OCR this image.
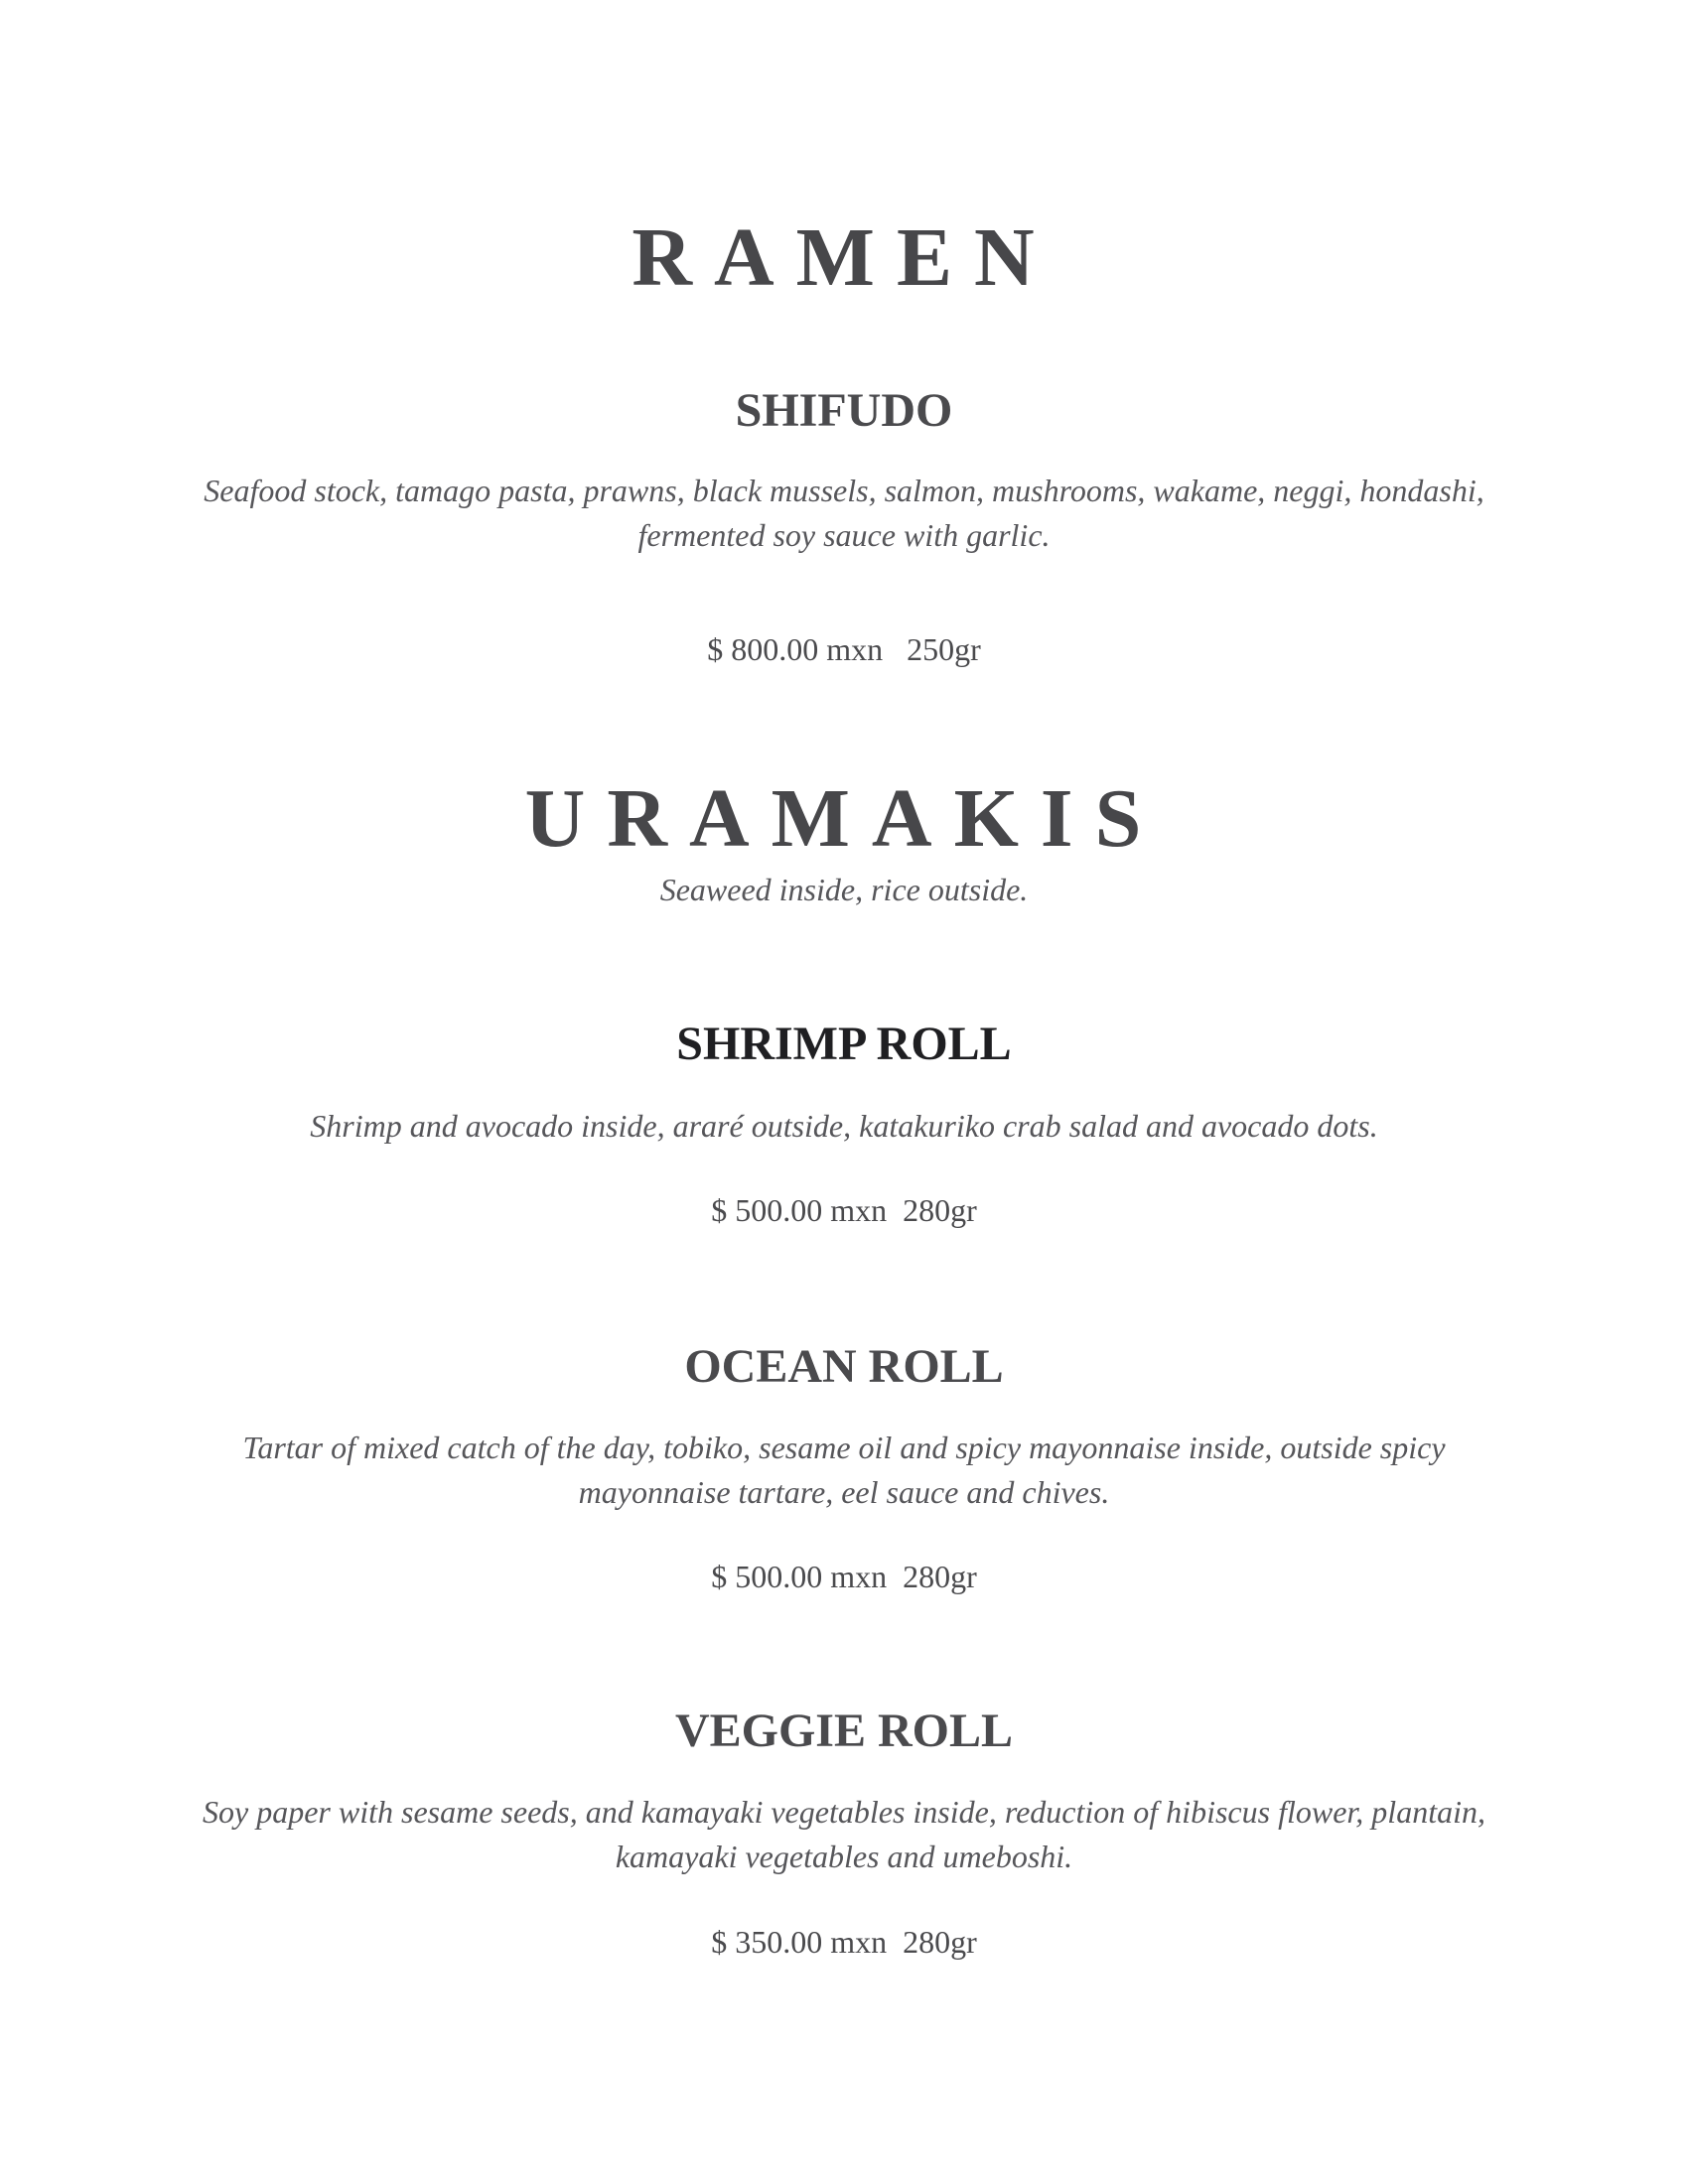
RAMEN
SHIFUDO
Seafood stock, tamago pasta, prawns, black mussels, salmon, mushrooms, wakame, neggi, hondashi, fermented soy sauce with garlic.
$ 800.00 mxn   250gr
URAMAKIS
Seaweed inside, rice outside.
SHRIMP ROLL
Shrimp and avocado inside, araré outside, katakuriko crab salad and avocado dots.
$ 500.00 mxn  280gr
OCEAN ROLL
Tartar of mixed catch of the day, tobiko, sesame oil and spicy mayonnaise inside, outside spicy mayonnaise tartare, eel sauce and chives.
$ 500.00 mxn  280gr
VEGGIE ROLL
Soy paper with sesame seeds, and kamayaki vegetables inside, reduction of hibiscus flower, plantain, kamayaki vegetables and umeboshi.
$ 350.00 mxn  280gr
